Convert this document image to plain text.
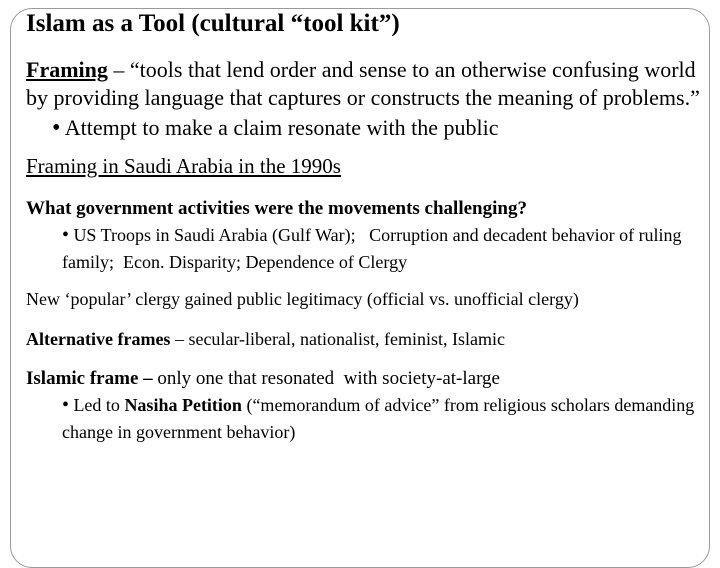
Islam as a Tool (cultural “tool kit”)
Framing – “tools that lend order and sense to an otherwise confusing world by providing language that captures or constructs the meaning of problems.”
• Attempt to make a claim resonate with the public
Framing in Saudi Arabia in the 1990s
What government activities were the movements challenging?
• US Troops in Saudi Arabia (Gulf War);   Corruption and decadent behavior of ruling family;  Econ. Disparity; Dependence of Clergy
New ‘popular’ clergy gained public legitimacy (official vs. unofficial clergy)
Alternative frames – secular-liberal, nationalist, feminist, Islamic
Islamic frame – only one that resonated  with society-at-large
• Led to Nasiha Petition (“memorandum of advice” from religious scholars demanding change in government behavior)
